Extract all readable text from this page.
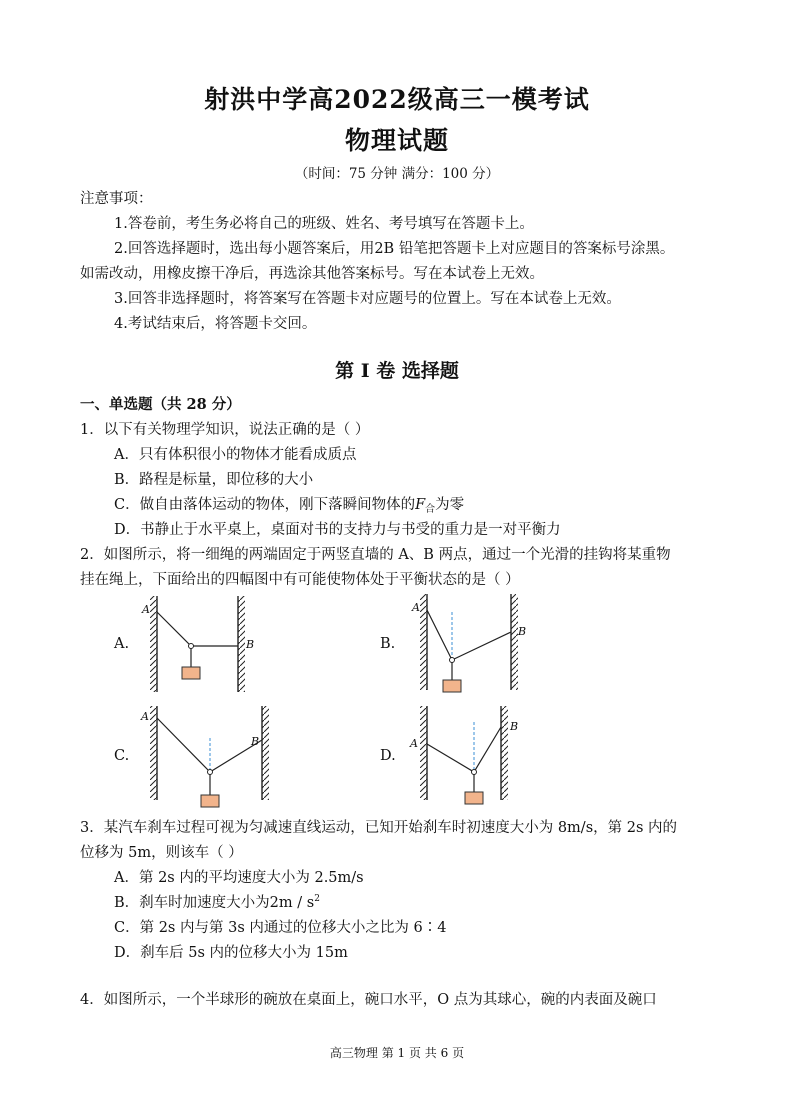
射洪中学高2022级高三一模考试
物理试题
（时间：75 分钟 满分：100 分）
注意事项：
1.答卷前，考生务必将自己的班级、姓名、考号填写在答题卡上。
2.回答选择题时，选出每小题答案后，用2B 铅笔把答题卡上对应题目的答案标号涂黑。
如需改动，用橡皮擦干净后，再选涂其他答案标号。写在本试卷上无效。
3.回答非选择题时，将答案写在答题卡对应题号的位置上。写在本试卷上无效。
4.考试结束后，将答题卡交回。
第 I 卷 选择题
一、单选题（共 28 分）
1．以下有关物理学知识，说法正确的是（ ）
A．只有体积很小的物体才能看成质点
B．路程是标量，即位移的大小
C．做自由落体运动的物体，刚下落瞬间物体的$F_合$为零
D．书静止于水平桌上，桌面对书的支持力与书受的重力是一对平衡力
2．如图所示，将一细绳的两端固定于两竖直墙的 A、B 两点，通过一个光滑的挂钩将某重物
挂在绳上，下面给出的四幅图中有可能使物体处于平衡状态的是（ ）
A.	B.
C.	D.
A
B
A
B
A
B	A
B
3．某汽车刹车过程可视为匀减速直线运动，已知开始刹车时初速度大小为 8m/s，第 2s 内的
位移为 5m，则该车（ ）
A．第 2s 内的平均速度大小为 2.5m/s
B．刹车时加速度大小为$2m / s^2$
C．第 2s 内与第 3s 内通过的位移大小之比为 6∶4
D．刹车后 5s 内的位移大小为 15m
4．如图所示，一个半球形的碗放在桌面上，碗口水平，O 点为其球心，碗的内表面及碗口
高三物理 第 1 页 共 6 页
